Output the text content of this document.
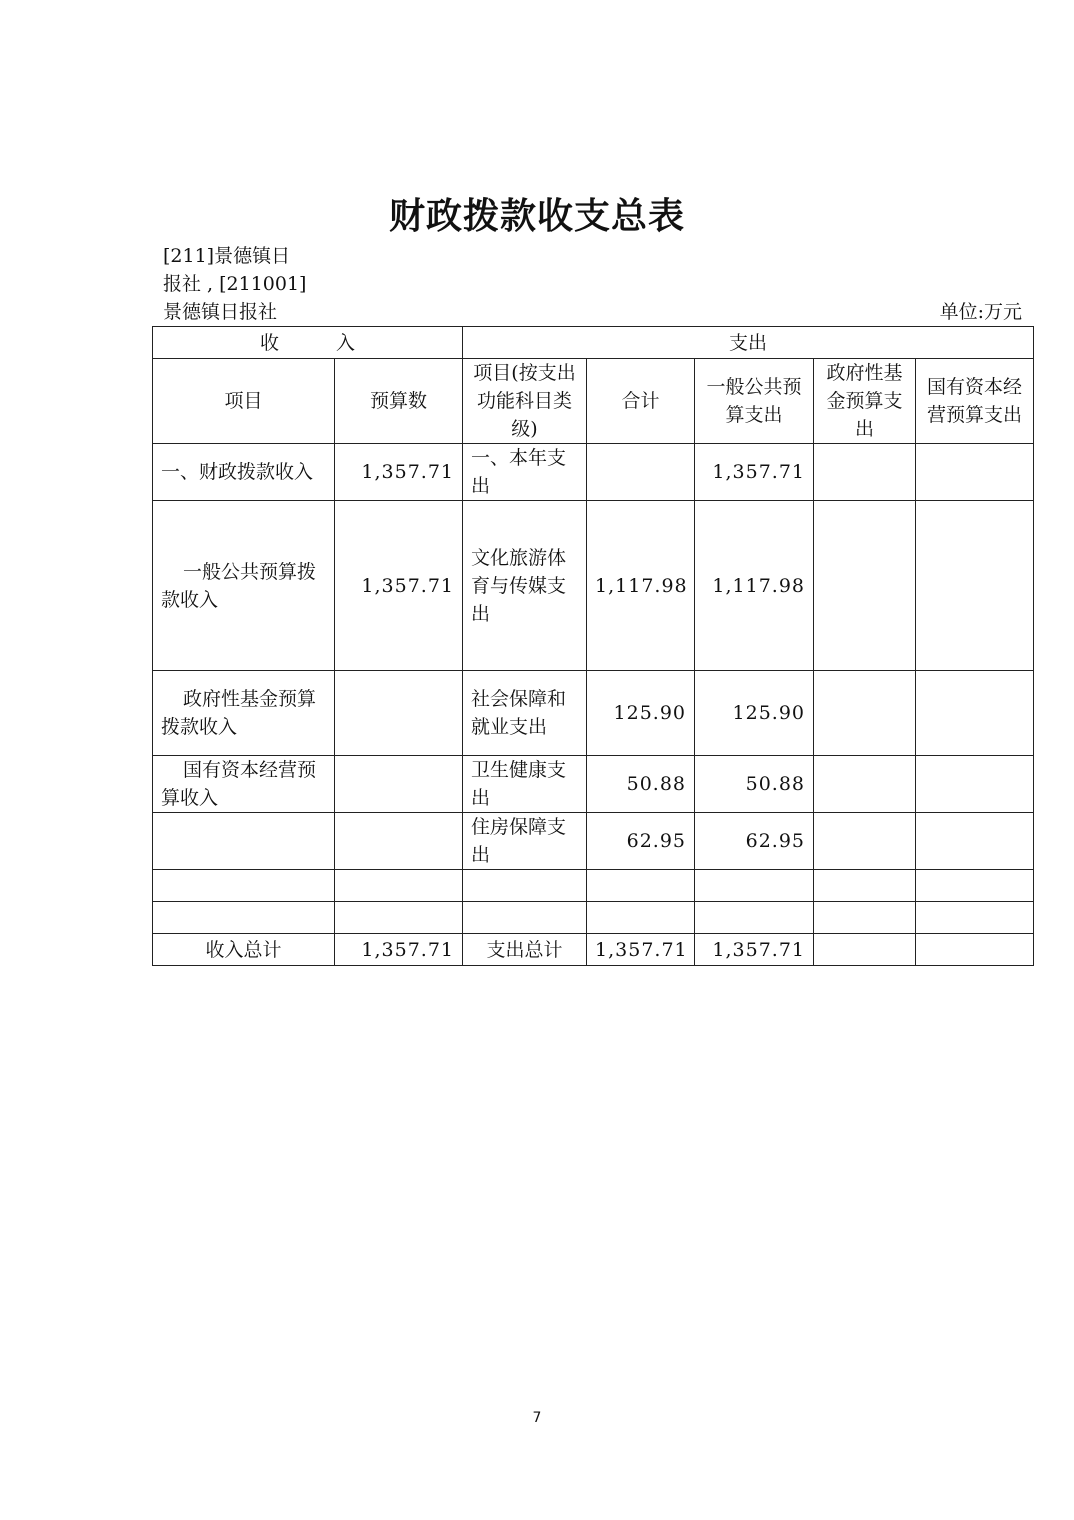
财政拨款收支总表
[211]景德镇日
报社 , [211001]
景德镇日报社	单位:万元
收　　　入		支出				
项目	预算数	项目(按支出功能科目类级)	合计	一般公共预算支出	政府性基金预算支出	国有资本经营预算支出
一、财政拨款收入	1,357.71	一、本年支出		1,357.71		
一般公共预算拨款收入	1,357.71	文化旅游体育与传媒支出	1,117.98	1,117.98		
政府性基金预算拨款收入		社会保障和就业支出	125.90	125.90		
国有资本经营预算收入		卫生健康支出	50.88	50.88		
		住房保障支出	62.95	62.95		

收入总计	1,357.71	支出总计	1,357.71	1,357.71		
7
